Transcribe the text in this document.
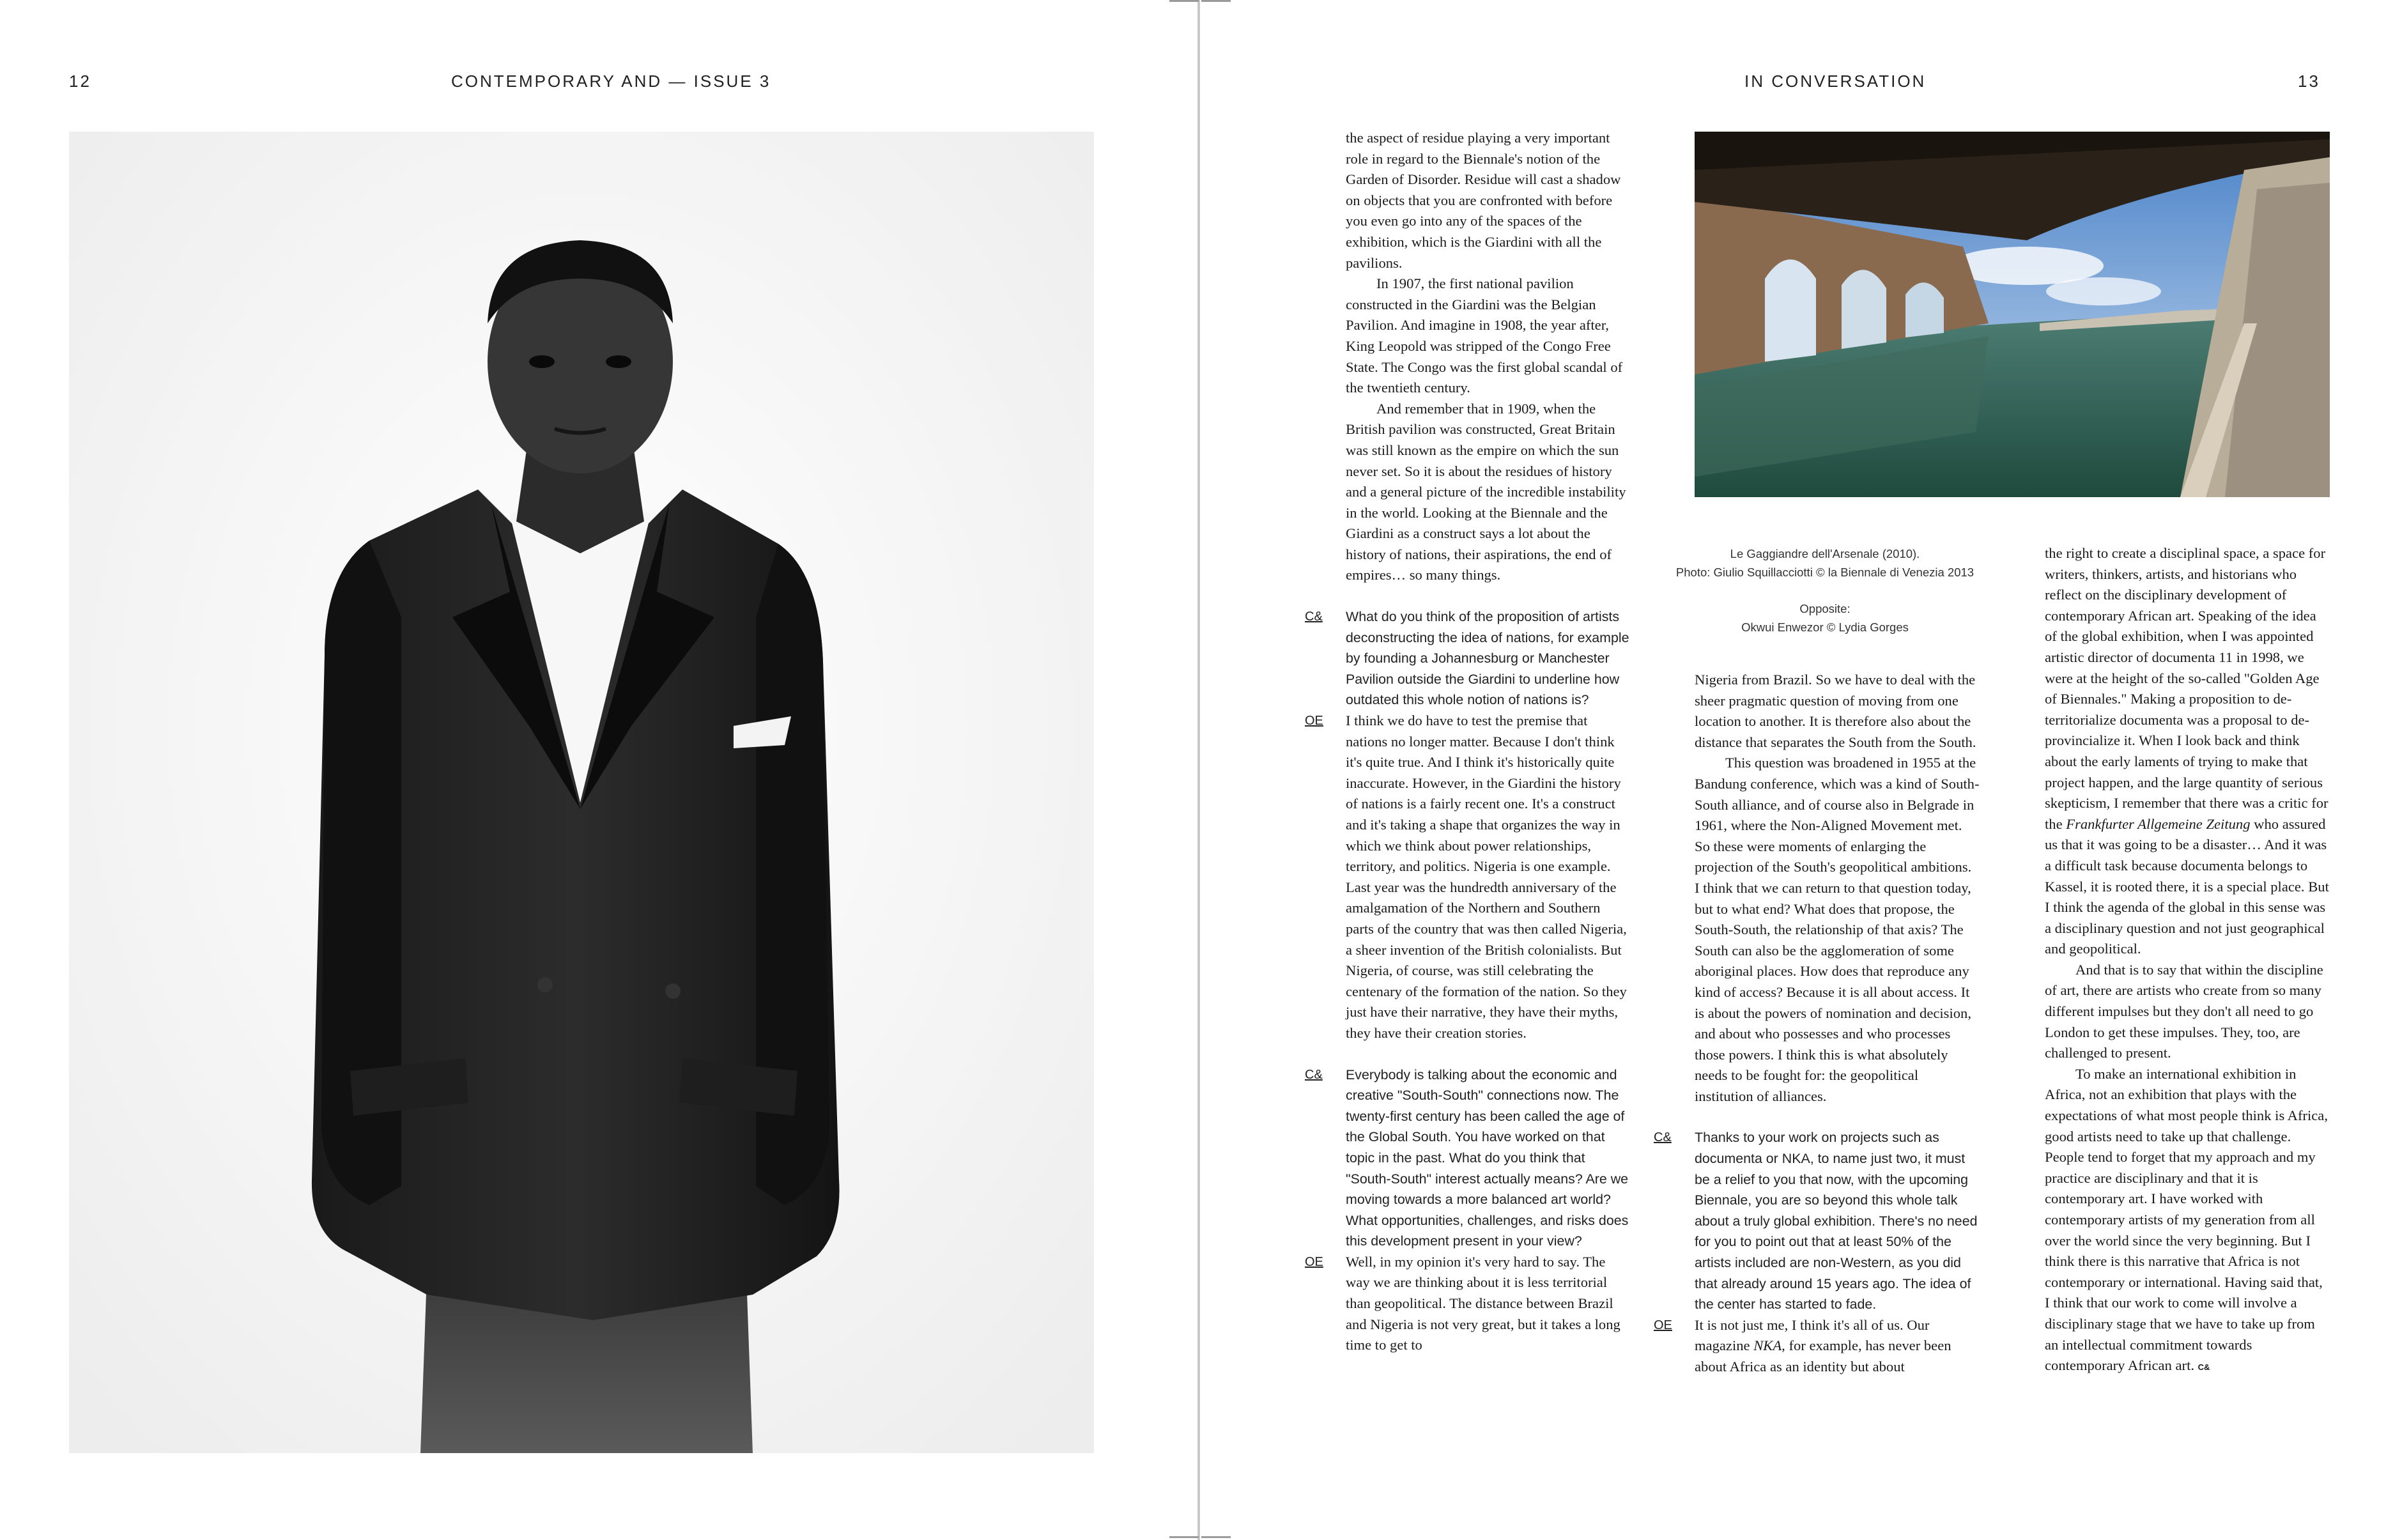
12	CONTEMPORARY AND — ISSUE 3	IN CONVERSATION	13
Le Gaggiandre dell'Arsenale (2010).
Photo: Giulio Squillacciotti © la Biennale di Venezia 2013
Opposite:
Okwui Enwezor © Lydia Gorges

the aspect of residue playing a very important role in regard to the Biennale's notion of the Garden of Disorder. Residue will cast a shadow on objects that you are confronted with before you even go into any of the spaces of the exhibition, which is the Giardini with all the pavilions.

In 1907, the first national pavilion constructed in the Giardini was the Belgian Pavilion. And imagine in 1908, the year after, King Leopold was stripped of the Congo Free State. The Congo was the first global scandal of the twentieth century.

And remember that in 1909, when the British pavilion was constructed, Great Britain was still known as the empire on which the sun never set. So it is about the residues of history and a general picture of the incredible instability in the world. Looking at the Biennale and the Giardini as a construct says a lot about the history of nations, their aspirations, the end of empires… so many things.

C& What do you think of the proposition of artists deconstructing the idea of nations, for example by founding a Johannesburg or Manchester Pavilion outside the Giardini to underline how outdated this whole notion of nations is?

OE I think we do have to test the premise that nations no longer matter. Because I don't think it's quite true. And I think it's historically quite inaccurate. However, in the Giardini the history of nations is a fairly recent one. It's a construct and it's taking a shape that organizes the way in which we think about power relationships, territory, and politics. Nigeria is one example. Last year was the hundredth anniversary of the amalgamation of the Northern and Southern parts of the country that was then called Nigeria, a sheer invention of the British colonialists. But Nigeria, of course, was still celebrating the centenary of the formation of the nation. So they just have their narrative, they have their myths, they have their creation stories.

C& Everybody is talking about the economic and creative "South-South" connections now. The twenty-first century has been called the age of the Global South. You have worked on that topic in the past. What do you think that "South-South" interest actually means? Are we moving towards a more balanced art world? What opportunities, challenges, and risks does this development present in your view?

OE Well, in my opinion it's very hard to say. The way we are thinking about it is less territorial than geopolitical. The distance between Brazil and Nigeria is not very great, but it takes a long time to get to

Nigeria from Brazil. So we have to deal with the sheer pragmatic question of moving from one location to another. It is therefore also about the distance that separates the South from the South.

This question was broadened in 1955 at the Bandung conference, which was a kind of South-South alliance, and of course also in Belgrade in 1961, where the Non-Aligned Movement met. So these were moments of enlarging the projection of the South's geopolitical ambitions. I think that we can return to that question today, but to what end? What does that propose, the South-South, the relationship of that axis? The South can also be the agglomeration of some aboriginal places. How does that reproduce any kind of access? Because it is all about access. It is about the powers of nomination and decision, and about who possesses and who processes those powers. I think this is what absolutely needs to be fought for: the geopolitical institution of alliances.

C& Thanks to your work on projects such as documenta or NKA, to name just two, it must be a relief to you that now, with the upcoming Biennale, you are so beyond this whole talk about a truly global exhibition. There's no need for you to point out that at least 50% of the artists included are non-Western, as you did that already around 15 years ago. The idea of the center has started to fade.

OE It is not just me, I think it's all of us. Our magazine NKA, for example, has never been about Africa as an identity but about

the right to create a disciplinal space, a space for writers, thinkers, artists, and historians who reflect on the disciplinary development of contemporary African art. Speaking of the idea of the global exhibition, when I was appointed artistic director of documenta 11 in 1998, we were at the height of the so-called "Golden Age of Biennales." Making a proposition to de-territorialize documenta was a proposal to de-provincialize it. When I look back and think about the early laments of trying to make that project happen, and the large quantity of serious skepticism, I remember that there was a critic for the Frankfurter Allgemeine Zeitung who assured us that it was going to be a disaster… And it was a difficult task because documenta belongs to Kassel, it is rooted there, it is a special place. But I think the agenda of the global in this sense was a disciplinary question and not just geographical and geopolitical.

And that is to say that within the discipline of art, there are artists who create from so many different impulses but they don't all need to go London to get these impulses. They, too, are challenged to present.

To make an international exhibition in Africa, not an exhibition that plays with the expectations of what most people think is Africa, good artists need to take up that challenge. People tend to forget that my approach and my practice are disciplinary and that it is contemporary art. I have worked with contemporary artists of my generation from all over the world since the very beginning. But I think there is this narrative that Africa is not contemporary or international. Having said that, I think that our work to come will involve a disciplinary stage that we have to take up from an intellectual commitment towards contemporary African art. C&
